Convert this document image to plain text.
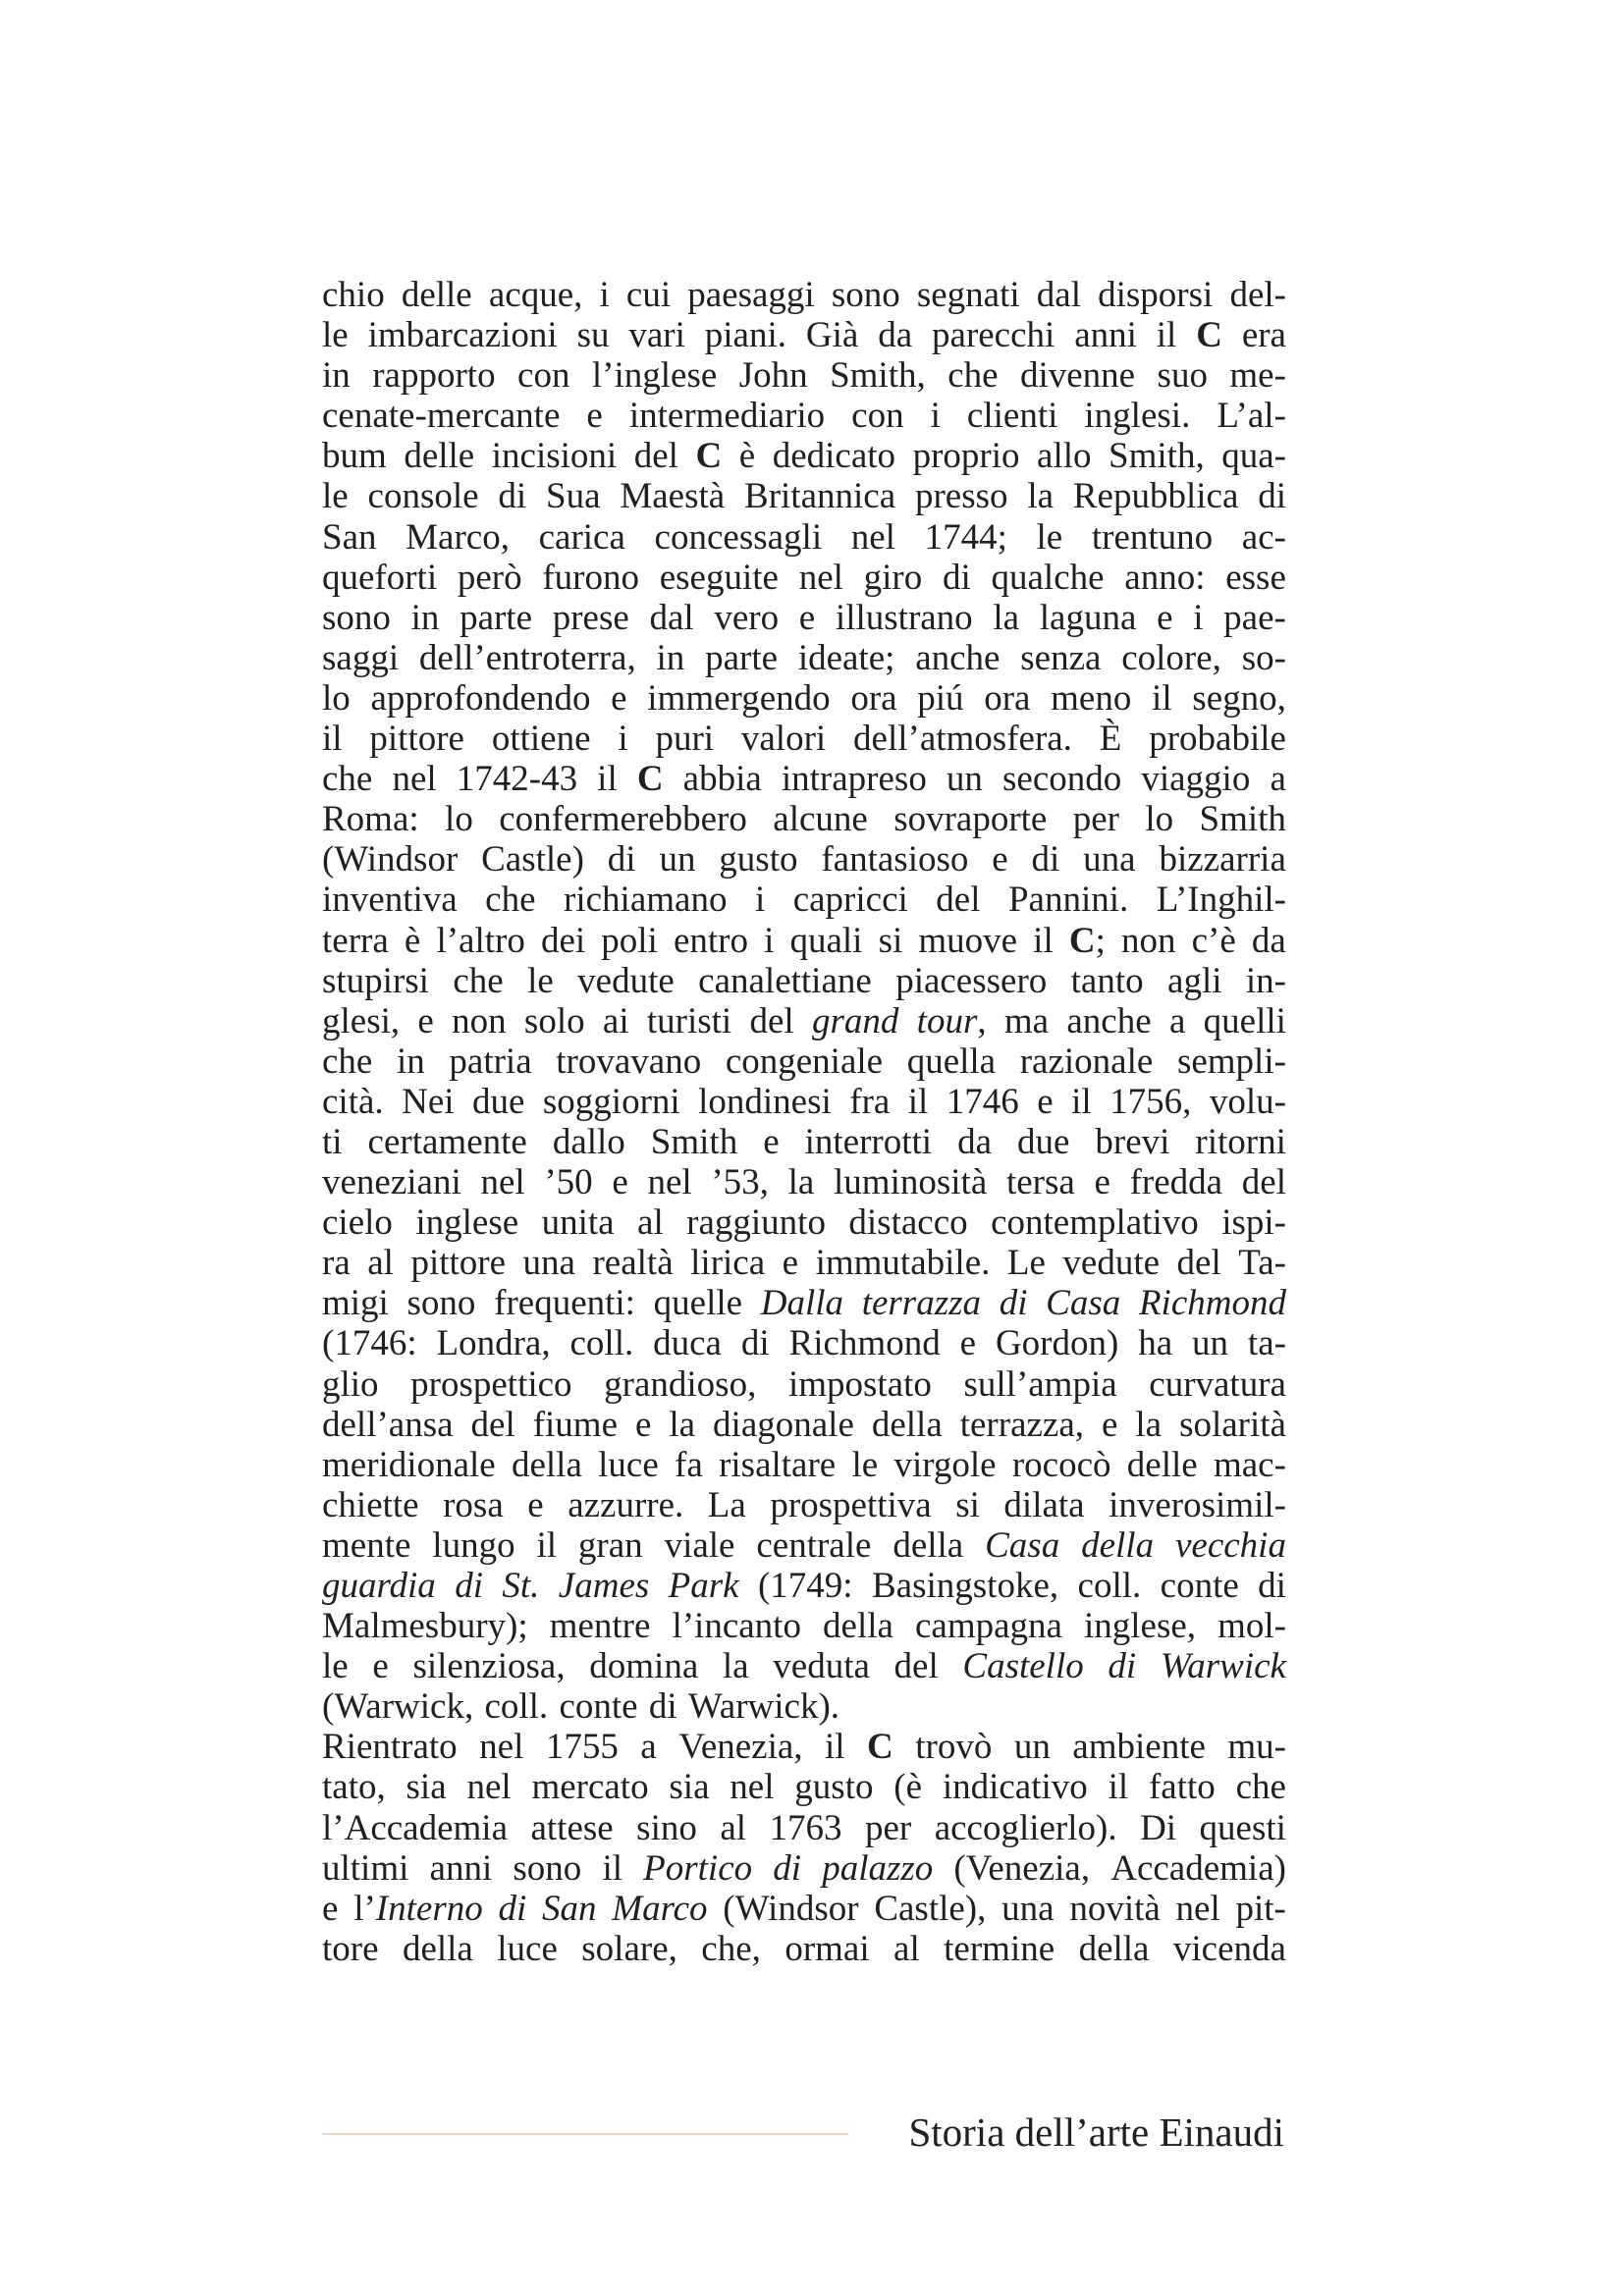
chio delle acque, i cui paesaggi sono segnati dal disporsi del-
le imbarcazioni su vari piani. Già da parecchi anni il C era
in rapporto con l’inglese John Smith, che divenne suo me-
cenate-mercante e intermediario con i clienti inglesi. L’al-
bum delle incisioni del C è dedicato proprio allo Smith, qua-
le console di Sua Maestà Britannica presso la Repubblica di
San Marco, carica concessagli nel 1744; le trentuno ac-
queforti però furono eseguite nel giro di qualche anno: esse
sono in parte prese dal vero e illustrano la laguna e i pae-
saggi dell’entroterra, in parte ideate; anche senza colore, so-
lo approfondendo e immergendo ora piú ora meno il segno,
il pittore ottiene i puri valori dell’atmosfera. È probabile
che nel 1742-43 il C abbia intrapreso un secondo viaggio a
Roma: lo confermerebbero alcune sovraporte per lo Smith
(Windsor Castle) di un gusto fantasioso e di una bizzarria
inventiva che richiamano i capricci del Pannini. L’Inghil-
terra è l’altro dei poli entro i quali si muove il C; non c’è da
stupirsi che le vedute canalettiane piacessero tanto agli in-
glesi, e non solo ai turisti del grand tour, ma anche a quelli
che in patria trovavano congeniale quella razionale sempli-
cità. Nei due soggiorni londinesi fra il 1746 e il 1756, volu-
ti certamente dallo Smith e interrotti da due brevi ritorni
veneziani nel ’50 e nel ’53, la luminosità tersa e fredda del
cielo inglese unita al raggiunto distacco contemplativo ispi-
ra al pittore una realtà lirica e immutabile. Le vedute del Ta-
migi sono frequenti: quelle Dalla terrazza di Casa Richmond
(1746: Londra, coll. duca di Richmond e Gordon) ha un ta-
glio prospettico grandioso, impostato sull’ampia curvatura
dell’ansa del fiume e la diagonale della terrazza, e la solarità
meridionale della luce fa risaltare le virgole rococò delle mac-
chiette rosa e azzurre. La prospettiva si dilata inverosimil-
mente lungo il gran viale centrale della Casa della vecchia
guardia di St. James Park (1749: Basingstoke, coll. conte di
Malmesbury); mentre l’incanto della campagna inglese, mol-
le e silenziosa, domina la veduta del Castello di Warwick
(Warwick, coll. conte di Warwick).
Rientrato nel 1755 a Venezia, il C trovò un ambiente mu-
tato, sia nel mercato sia nel gusto (è indicativo il fatto che
l’Accademia attese sino al 1763 per accoglierlo). Di questi
ultimi anni sono il Portico di palazzo (Venezia, Accademia)
e l’Interno di San Marco (Windsor Castle), una novità nel pit-
tore della luce solare, che, ormai al termine della vicenda
Storia dell’arte Einaudi
